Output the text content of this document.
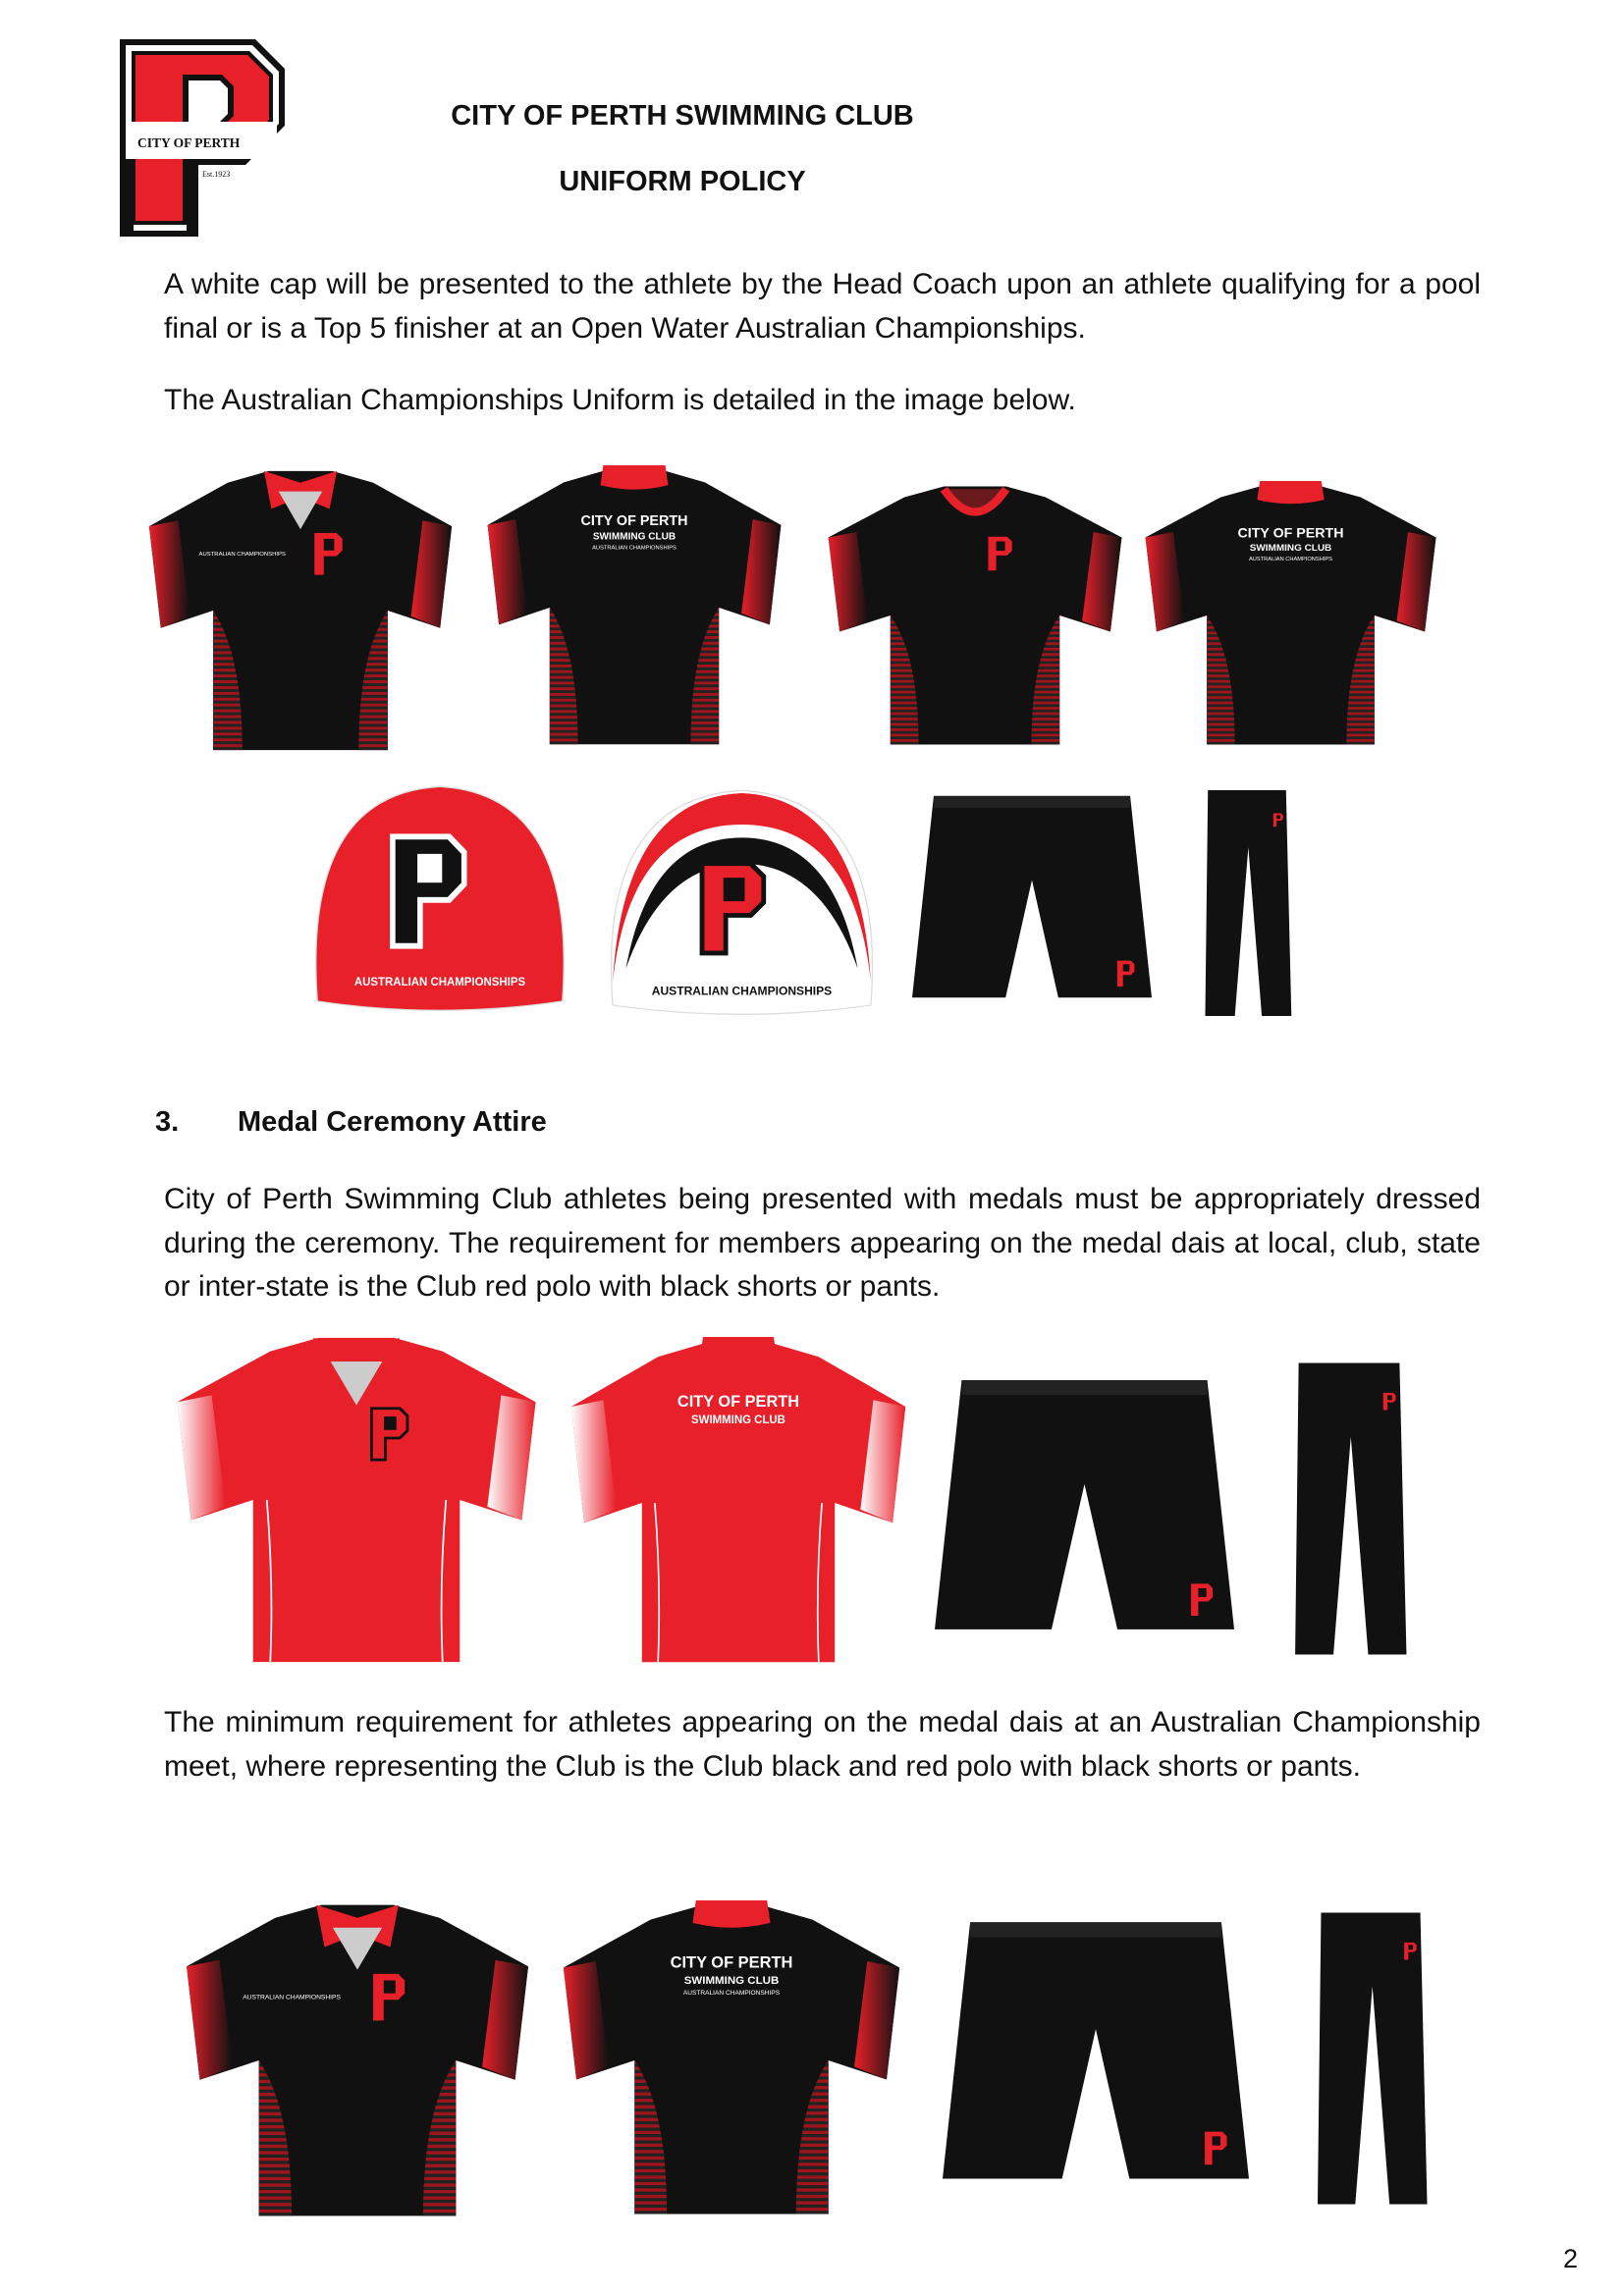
CITY OF PERTH
Est.1923
CITY OF PERTH SWIMMING CLUB
UNIFORM POLICY
A white cap will be presented to the athlete by the Head Coach upon an athlete qualifying for a pool final or is a Top 5 finisher at an Open Water Australian Championships.
The Australian Championships Uniform is detailed in the image below.
AUSTRALIAN CHAMPIONSHIPS
CITY OF PERTH
SWIMMING CLUB
AUSTRALIAN CHAMPIONSHIPS
CITY OF PERTH
SWIMMING CLUB
AUSTRALIAN CHAMPIONSHIPS
AUSTRALIAN CHAMPIONSHIPS
AUSTRALIAN CHAMPIONSHIPS
3. Medal Ceremony Attire
City of Perth Swimming Club athletes being presented with medals must be appropriately dressed during the ceremony. The requirement for members appearing on the medal dais at local, club, state or inter-state is the Club red polo with black shorts or pants.
CITY OF PERTH
SWIMMING CLUB
The minimum requirement for athletes appearing on the medal dais at an Australian Championship meet, where representing the Club is the Club black and red polo with black shorts or pants.
AUSTRALIAN CHAMPIONSHIPS
CITY OF PERTH
SWIMMING CLUB
AUSTRALIAN CHAMPIONSHIPS
2
